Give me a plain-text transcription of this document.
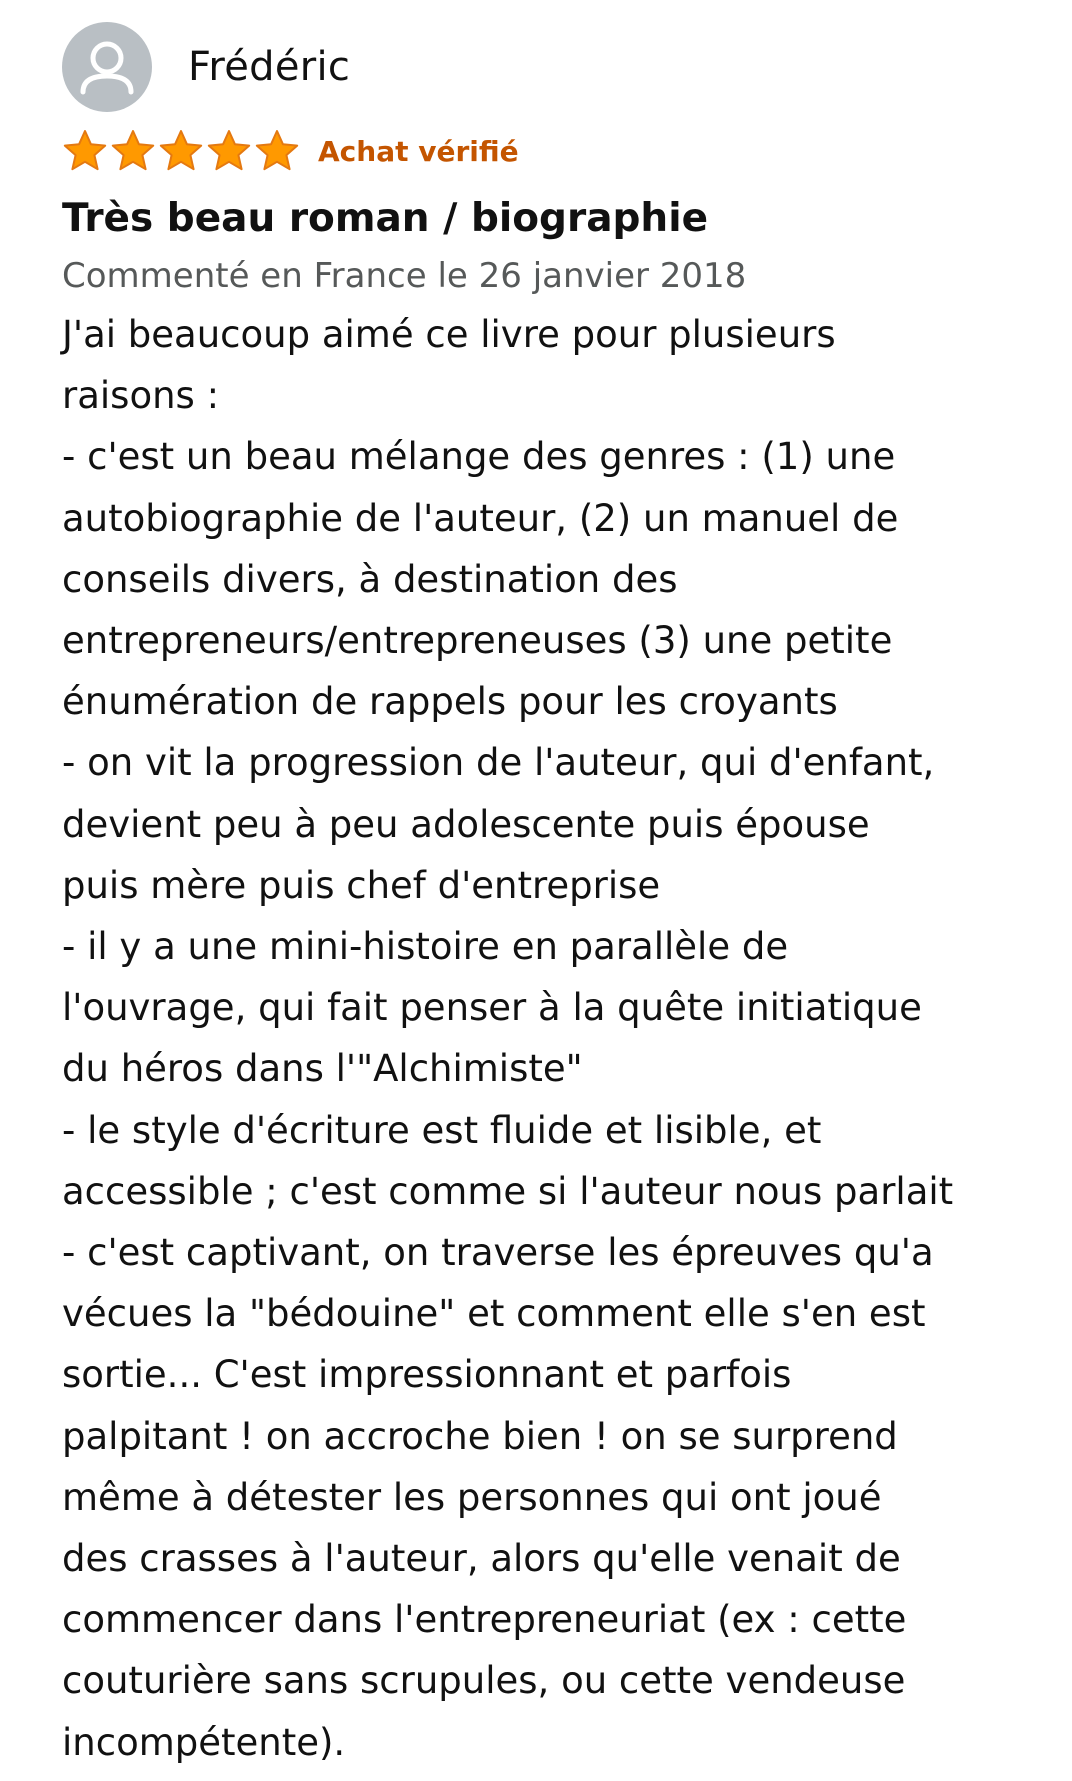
Frédéric
Achat vérifié
Très beau roman / biographie
Commenté en France le 26 janvier 2018
J'ai beaucoup aimé ce livre pour plusieurs
raisons :
- c'est un beau mélange des genres : (1) une
autobiographie de l'auteur, (2) un manuel de
conseils divers, à destination des
entrepreneurs/entrepreneuses (3) une petite
énumération de rappels pour les croyants
- on vit la progression de l'auteur, qui d'enfant,
devient peu à peu adolescente puis épouse
puis mère puis chef d'entreprise
- il y a une mini-histoire en parallèle de
l'ouvrage, qui fait penser à la quête initiatique
du héros dans l'"Alchimiste"
- le style d'écriture est fluide et lisible, et
accessible ; c'est comme si l'auteur nous parlait
- c'est captivant, on traverse les épreuves qu'a
vécues la "bédouine" et comment elle s'en est
sortie... C'est impressionnant et parfois
palpitant ! on accroche bien ! on se surprend
même à détester les personnes qui ont joué
des crasses à l'auteur, alors qu'elle venait de
commencer dans l'entrepreneuriat (ex : cette
couturière sans scrupules, ou cette vendeuse
incompétente).
